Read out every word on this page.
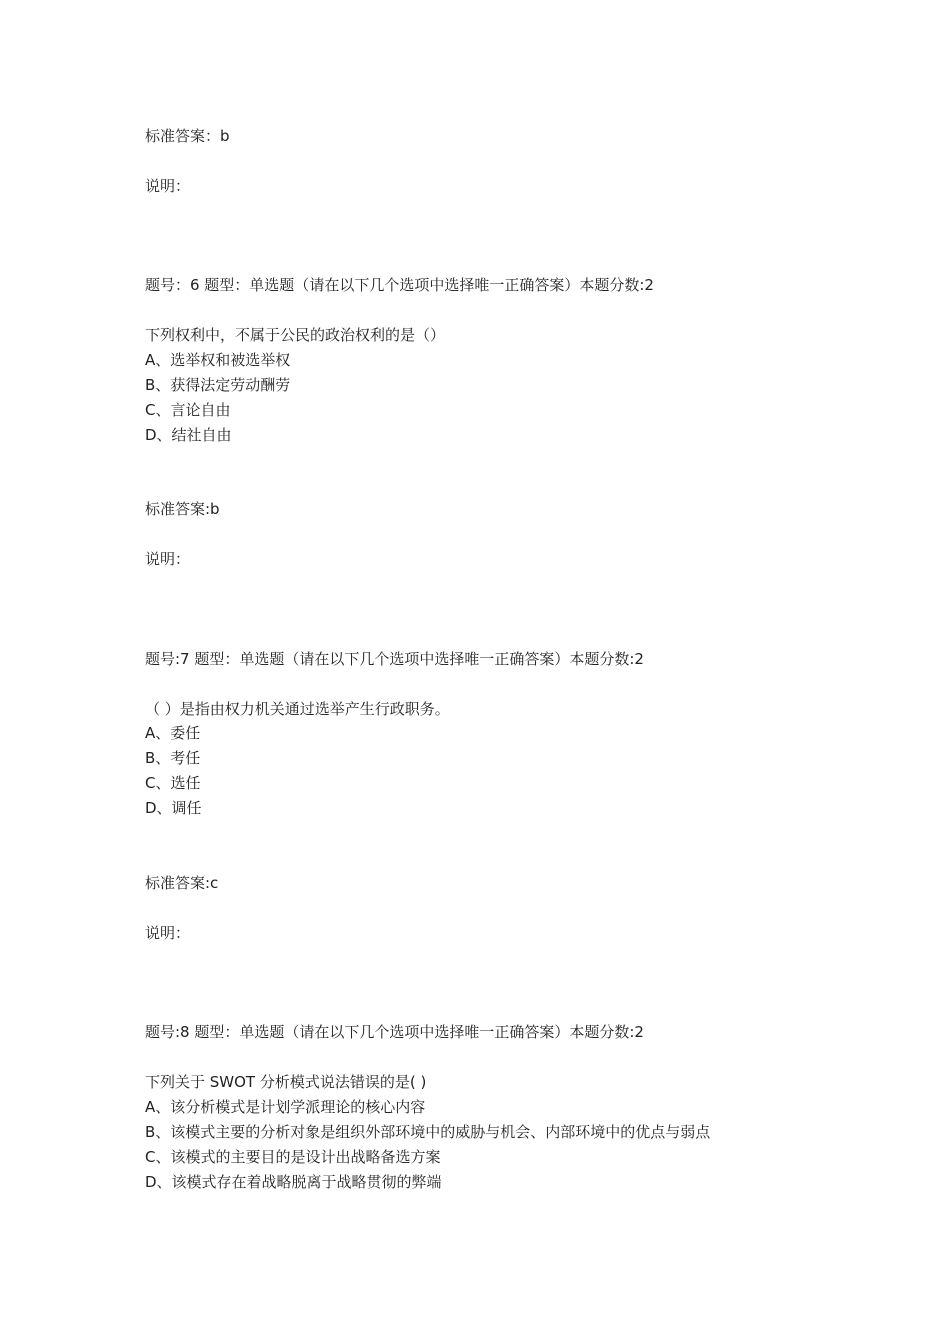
标准答案：b
说明：
题号：6 题型：单选题（请在以下几个选项中选择唯一正确答案）本题分数:2
下列权利中，不属于公民的政治权利的是（）
A、选举权和被选举权
B、获得法定劳动酬劳
C、言论自由
D、结社自由
标准答案:b
说明：
题号:7 题型：单选题（请在以下几个选项中选择唯一正确答案）本题分数:2
（ ）是指由权力机关通过选举产生行政职务。
A、委任
B、考任
C、选任
D、调任
标准答案:c
说明：
题号:8 题型：单选题（请在以下几个选项中选择唯一正确答案）本题分数:2
下列关于 SWOT 分析模式说法错误的是( )
A、该分析模式是计划学派理论的核心内容
B、该模式主要的分析对象是组织外部环境中的威胁与机会、内部环境中的优点与弱点
C、该模式的主要目的是设计出战略备选方案
D、该模式存在着战略脱离于战略贯彻的弊端
